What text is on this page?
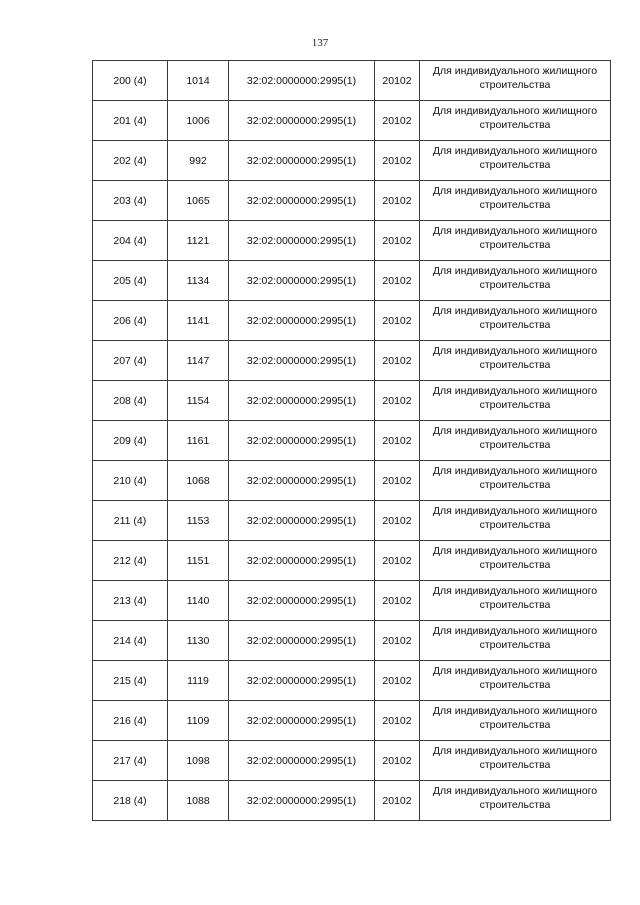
137
200 (4)	1014	32:02:0000000:2995(1)	20102	Для индивидуального жилищного строительства
201 (4)	1006	32:02:0000000:2995(1)	20102	Для индивидуального жилищного строительства
202 (4)	992	32:02:0000000:2995(1)	20102	Для индивидуального жилищного строительства
203 (4)	1065	32:02:0000000:2995(1)	20102	Для индивидуального жилищного строительства
204 (4)	1121	32:02:0000000:2995(1)	20102	Для индивидуального жилищного строительства
205 (4)	1134	32:02:0000000:2995(1)	20102	Для индивидуального жилищного строительства
206 (4)	1141	32:02:0000000:2995(1)	20102	Для индивидуального жилищного строительства
207 (4)	1147	32:02:0000000:2995(1)	20102	Для индивидуального жилищного строительства
208 (4)	1154	32:02:0000000:2995(1)	20102	Для индивидуального жилищного строительства
209 (4)	1161	32:02:0000000:2995(1)	20102	Для индивидуального жилищного строительства
210 (4)	1068	32:02:0000000:2995(1)	20102	Для индивидуального жилищного строительства
211 (4)	1153	32:02:0000000:2995(1)	20102	Для индивидуального жилищного строительства
212 (4)	1151	32:02:0000000:2995(1)	20102	Для индивидуального жилищного строительства
213 (4)	1140	32:02:0000000:2995(1)	20102	Для индивидуального жилищного строительства
214 (4)	1130	32:02:0000000:2995(1)	20102	Для индивидуального жилищного строительства
215 (4)	1119	32:02:0000000:2995(1)	20102	Для индивидуального жилищного строительства
216 (4)	1109	32:02:0000000:2995(1)	20102	Для индивидуального жилищного строительства
217 (4)	1098	32:02:0000000:2995(1)	20102	Для индивидуального жилищного строительства
218 (4)	1088	32:02:0000000:2995(1)	20102	Для индивидуального жилищного строительства
